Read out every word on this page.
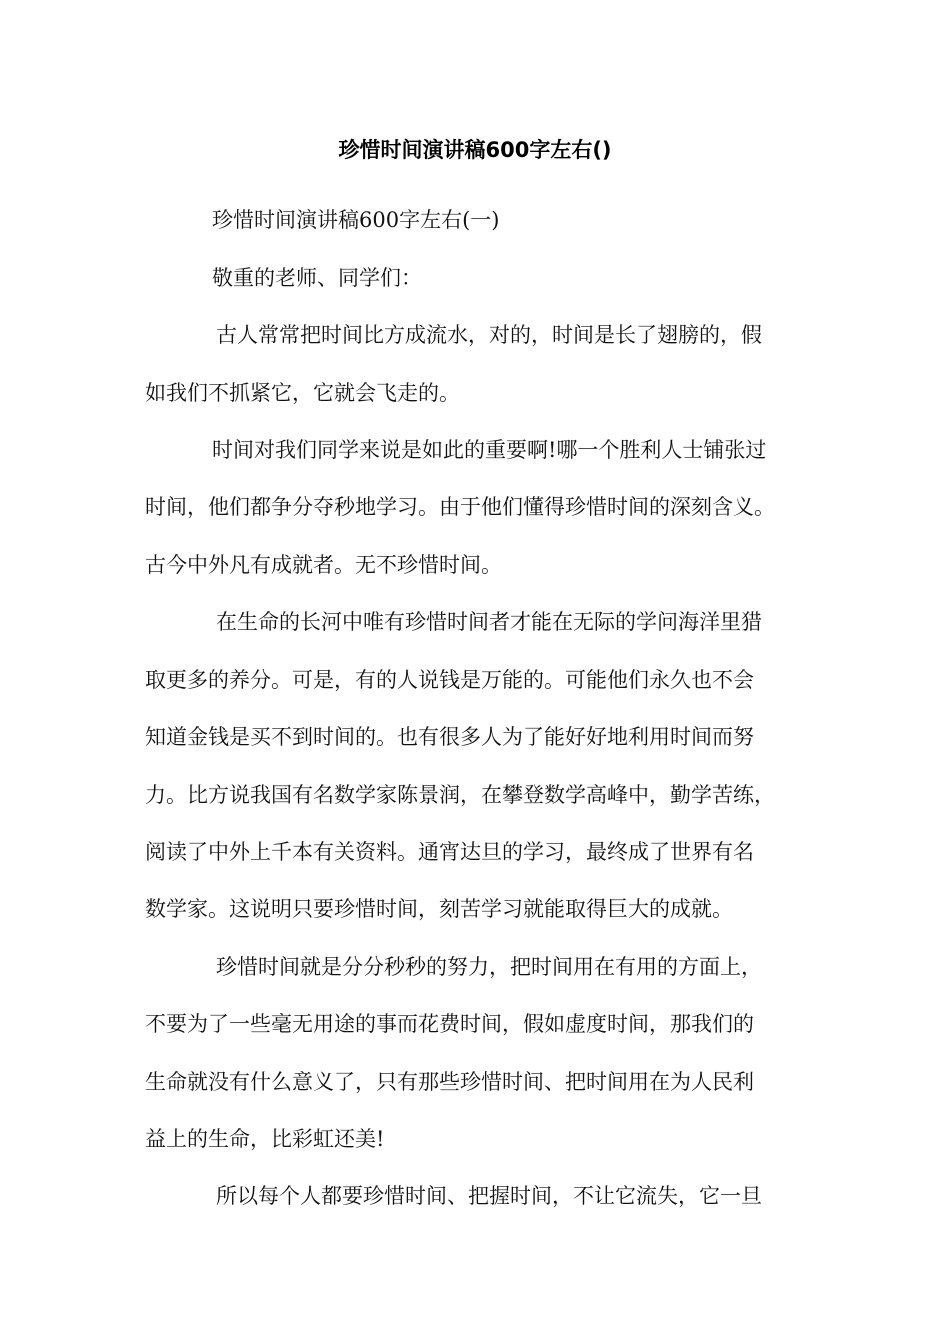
珍惜时间演讲稿600字左右()
珍惜时间演讲稿600字左右(一)
敬重的老师、同学们：
古人常常把时间比方成流水，对的，时间是长了翅膀的，假
如我们不抓紧它，它就会飞走的。
时间对我们同学来说是如此的重要啊!哪一个胜利人士铺张过
时间，他们都争分夺秒地学习。由于他们懂得珍惜时间的深刻含义。
古今中外凡有成就者。无不珍惜时间。
在生命的长河中唯有珍惜时间者才能在无际的学问海洋里猎
取更多的养分。可是，有的人说钱是万能的。可能他们永久也不会
知道金钱是买不到时间的。也有很多人为了能好好地利用时间而努
力。比方说我国有名数学家陈景润，在攀登数学高峰中，勤学苦练，
阅读了中外上千本有关资料。通宵达旦的学习，最终成了世界有名
数学家。这说明只要珍惜时间，刻苦学习就能取得巨大的成就。
珍惜时间就是分分秒秒的努力，把时间用在有用的方面上，
不要为了一些毫无用途的事而花费时间，假如虚度时间，那我们的
生命就没有什么意义了，只有那些珍惜时间、把时间用在为人民利
益上的生命，比彩虹还美!
所以每个人都要珍惜时间、把握时间，不让它流失，它一旦
